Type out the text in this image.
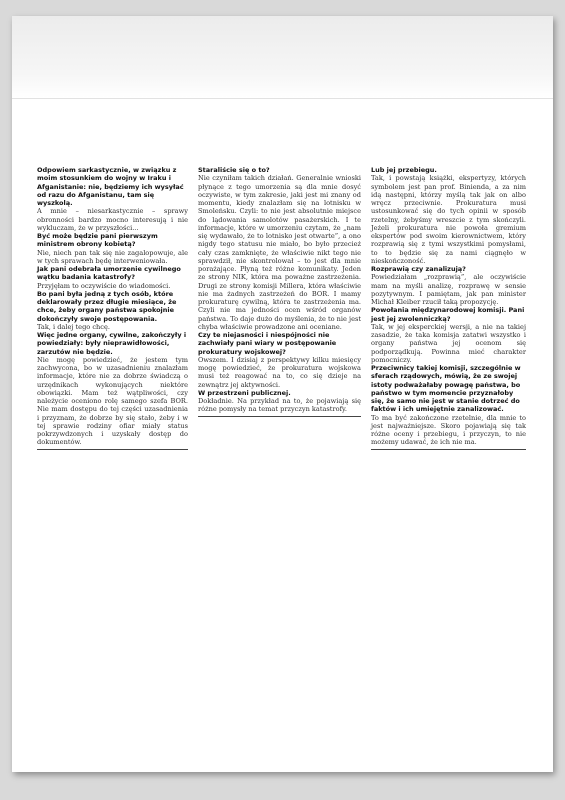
Odpowiem sarkastycznie, w związku z moim stosunkiem do wojny w Iraku i Afganistanie: nie, będziemy ich wysyłać od razu do Afganistanu, tam się wyszkolą.

A mnie – niesarkastycznie – sprawy obronności bardzo mocno interesują i nie wykluczam, że w przyszłości...

Być może będzie pani pierwszym ministrem obrony kobietą?

Nie, niech pan tak się nie zagalopowuje, ale w tych sprawach będę interweniowała.

Jak pani odebrała umorzenie cywilnego wątku badania katastrofy?

Przyjęłam to oczywiście do wiadomości.

Bo pani była jedną z tych osób, które deklarowały przez długie miesiące, że chce, żeby organy państwa spokojnie dokończyły swoje postępowania.

Tak, i dalej tego chcę.

Więc jedne organy, cywilne, zakończyły i powiedziały: były nieprawidłowości, zarzutów nie będzie.

Nie mogę powiedzieć, że jestem tym zachwycona, bo w uzasadnieniu znalazłam informacje, które nie za dobrze świadczą o urzędnikach wykonujących niektóre obowiązki. Mam też wątpliwości, czy należycie oceniono rolę samego szefa BOR. Nie mam dostępu do tej części uzasadnienia i przyznam, że dobrze by się stało, żeby i w tej sprawie rodziny ofiar miały status pokrzywdzonych i uzyskały dostęp do dokumentów.

Staraliście się o to?

Nie czyniłam takich działań. Generalnie wnioski płynące z tego umorzenia są dla mnie dosyć oczywiste, w tym zakresie, jaki jest mi znany od momentu, kiedy znalazłam się na lotnisku w Smoleńsku. Czyli: to nie jest absolutnie miejsce do lądowania samolotów pasażerskich. I te informacje, które w umorzeniu czytam, że „nam się wydawało, że to lotnisko jest otwarte”, a ono nigdy tego statusu nie miało, bo było przecież cały czas zamknięte, że właściwie nikt tego nie sprawdził, nie skontrolował – to jest dla mnie porażające. Płyną też różne komunikaty. Jeden ze strony NIK, która ma poważne zastrzeżenia. Drugi ze strony komisji Millera, która właściwie nie ma żadnych zastrzeżeń do BOR. I mamy prokuraturę cywilną, która te zastrzeżenia ma. Czyli nie ma jedności ocen wśród organów państwa. To daje dużo do myślenia, że to nie jest chyba właściwie prowadzone ani oceniane.

Czy te niejasności i niespójności nie zachwiały pani wiary w postępowanie prokuratury wojskowej?

Owszem. I dzisiaj z perspektywy kilku miesięcy mogę powiedzieć, że prokuratura wojskowa musi też reagować na to, co się dzieje na zewnątrz jej aktywności.

W przestrzeni publicznej.

Dokładnie. Na przykład na to, że pojawiają się różne pomysły na temat przyczyn katastrofy.

Lub jej przebiegu.

Tak, i powstają książki, ekspertyzy, których symbolem jest pan prof. Binienda, a za nim idą następni, którzy myślą tak jak on albo wręcz przeciwnie. Prokuratura musi ustosunkować się do tych opinii w sposób rzetelny, żebyśmy wreszcie z tym skończyli. Jeżeli prokuratura nie powoła gremium ekspertów pod swoim kierownictwem, który rozprawią się z tymi wszystkimi pomysłami, to to będzie się za nami ciągnęło w nieskończoność.

Rozprawią czy zanalizują?

Powiedziałam „rozprawią”, ale oczywiście mam na myśli analizę, rozprawę w sensie pozytywnym. I pamiętam, jak pan minister Michał Kleiber rzucił taką propozycję.

Powołania międzynarodowej komisji. Pani jest jej zwolenniczką?

Tak, w jej eksperckiej wersji, a nie na takiej zasadzie, że taka komisja zatatwi wszystko i organy państwa jej ocenom się podporządkują. Powinna mieć charakter pomocniczy.

Przeciwnicy takiej komisji, szczególnie w sferach rządowych, mówią, że ze swojej istoty podważałaby powagę państwa, bo państwo w tym momencie przyznałoby się, że samo nie jest w stanie dotrzeć do faktów i ich umiejętnie zanalizować.

To ma być zakończone rzetelnie, dla mnie to jest najważniejsze. Skoro pojawiają się tak różne oceny i przebiegu, i przyczyn, to nie możemy udawać, że ich nie ma.
